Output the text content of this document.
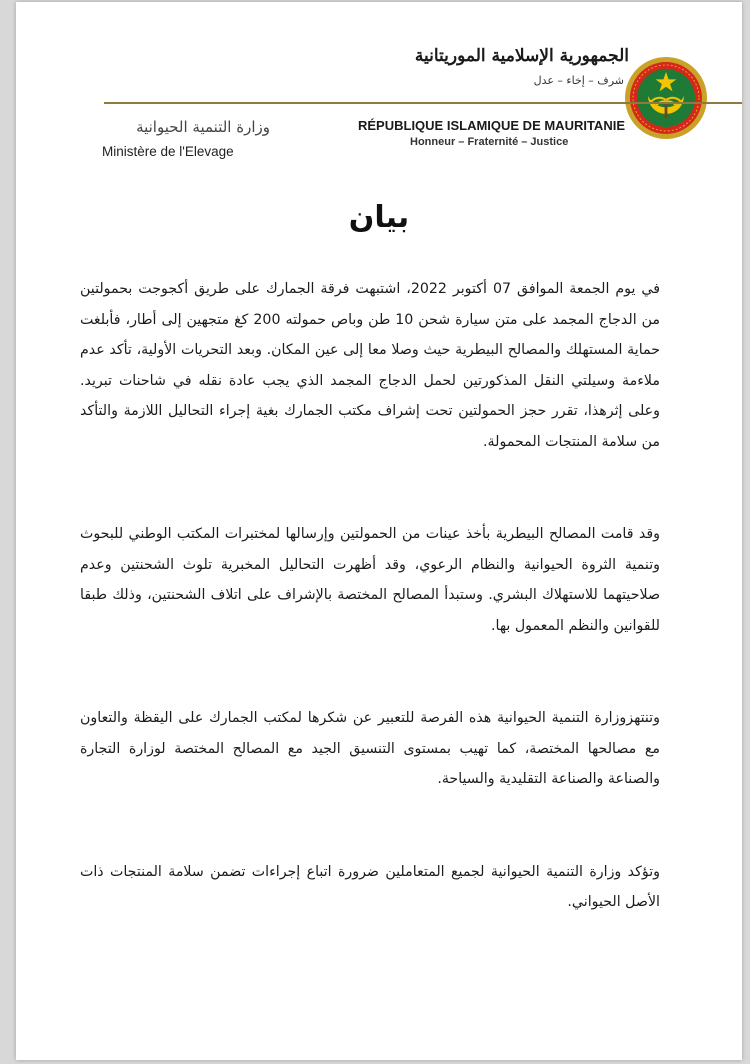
الجمهورية الإسلامية الموريتانية
شرف – إخاء – عدل
RÉPUBLIQUE ISLAMIQUE DE MAURITANIE
Honneur – Fraternité – Justice
وزارة التنمية الحيوانية
Ministère de l'Elevage
بيان

في يوم الجمعة الموافق 07 أكتوبر 2022، اشتبهت فرقة الجمارك على طريق أكجوجت بحمولتين من الدجاج المجمد على متن سيارة شحن 10 طن وباص حمولته 200 كغ متجهين إلى أطار، فأبلغت حماية المستهلك والمصالح البيطرية حيث وصلا معا إلى عين المكان. وبعد التحريات الأولية، تأكد عدم ملاءمة وسيلتي النقل المذكورتين لحمل الدجاج المجمد الذي يجب عادة نقله في شاحنات تبريد. وعلى إثرهذا، تقرر حجز الحمولتين تحت إشراف مكتب الجمارك بغية إجراء التحاليل اللازمة والتأكد من سلامة المنتجات المحمولة.

وقد قامت المصالح البيطرية بأخذ عينات من الحمولتين وإرسالها لمختبرات المكتب الوطني للبحوث وتنمية الثروة الحيوانية والنظام الرعوي، وقد أظهرت التحاليل المخبرية تلوث الشحنتين وعدم صلاحيتهما للاستهلاك البشري. وستبدأ المصالح المختصة بالإشراف على اتلاف الشحنتين، وذلك طبقا للقوانين والنظم المعمول بها.

وتنتهزوزارة التنمية الحيوانية هذه الفرصة للتعبير عن شكرها لمكتب الجمارك على اليقظة والتعاون مع مصالحها المختصة، كما تهيب بمستوى التنسيق الجيد مع المصالح المختصة لوزارة التجارة والصناعة والصناعة التقليدية والسياحة.

وتؤكد وزارة التنمية الحيوانية لجميع المتعاملين ضرورة اتباع إجراءات تضمن سلامة المنتجات ذات الأصل الحيواني.
